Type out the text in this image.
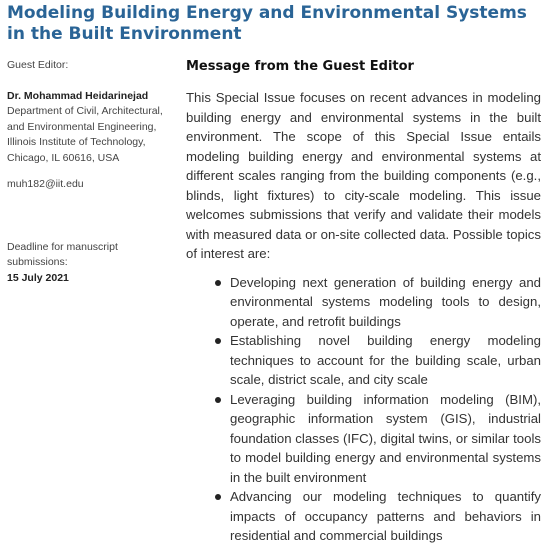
Modeling Building Energy and Environmental Systems in the Built Environment

Guest Editor:

Dr. Mohammad Heidarinejad

Department of Civil, Architectural, and Environmental Engineering, Illinois Institute of Technology, Chicago, IL 60616, USA

muh182@iit.edu

Deadline for manuscript submissions:

15 July 2021

Message from the Guest Editor

This Special Issue focuses on recent advances in modeling building energy and environmental systems in the built environment. The scope of this Special Issue entails modeling building energy and environmental systems at different scales ranging from the building components (e.g., blinds, light fixtures) to city-scale modeling. This issue welcomes submissions that verify and validate their models with measured data or on-site collected data. Possible topics of interest are:

Developing next generation of building energy and environmental systems modeling tools to design, operate, and retrofit buildings
Establishing novel building energy modeling techniques to account for the building scale, urban scale, district scale, and city scale
Leveraging building information modeling (BIM), geographic information system (GIS), industrial foundation classes (IFC), digital twins, or similar tools to model building energy and environmental systems in the built environment
Advancing our modeling techniques to quantify impacts of occupancy patterns and behaviors in residential and commercial buildings
